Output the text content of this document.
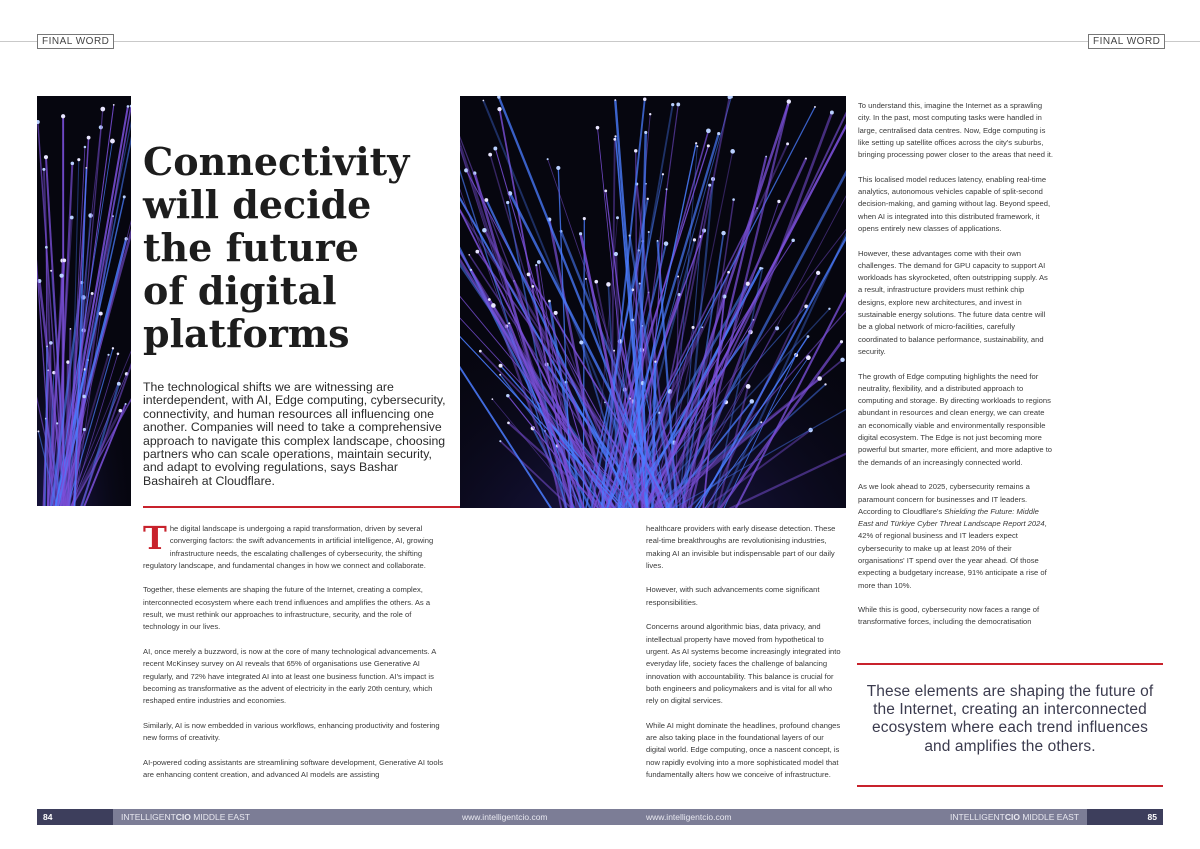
FINAL WORD	FINAL WORD
Connectivity
will decide
the future
of digital
platforms

The technological shifts we are witnessing are interdependent, with AI, Edge computing, cybersecurity, connectivity, and human resources all influencing one another. Companies will need to take a comprehensive approach to navigate this complex landscape, choosing partners who can scale operations, maintain security, and adapt to evolving regulations, says Bashar Bashaireh at Cloudflare.

The digital landscape is undergoing a rapid transformation, driven by several converging factors: the swift advancements in artificial intelligence, AI, growing infrastructure needs, the escalating challenges of cybersecurity, the shifting regulatory landscape, and fundamental changes in how we connect and collaborate.

Together, these elements are shaping the future of the Internet, creating a complex, interconnected ecosystem where each trend influences and amplifies the others. As a result, we must rethink our approaches to infrastructure, security, and the role of technology in our lives.

AI, once merely a buzzword, is now at the core of many technological advancements. A recent McKinsey survey on AI reveals that 65% of organisations use Generative AI regularly, and 72% have integrated AI into at least one business function. AI's impact is becoming as transformative as the advent of electricity in the early 20th century, which reshaped entire industries and economies.

Similarly, AI is now embedded in various workflows, enhancing productivity and fostering new forms of creativity.

AI-powered coding assistants are streamlining software development, Generative AI tools are enhancing content creation, and advanced AI models are assisting

healthcare providers with early disease detection. These real-time breakthroughs are revolutionising industries, making AI an invisible but indispensable part of our daily lives.

However, with such advancements come significant responsibilities.

Concerns around algorithmic bias, data privacy, and intellectual property have moved from hypothetical to urgent. As AI systems become increasingly integrated into everyday life, society faces the challenge of balancing innovation with accountability. This balance is crucial for both engineers and policymakers and is vital for all who rely on digital services.

While AI might dominate the headlines, profound changes are also taking place in the foundational layers of our digital world. Edge computing, once a nascent concept, is now rapidly evolving into a more sophisticated model that fundamentally alters how we conceive of infrastructure.

To understand this, imagine the Internet as a sprawling city. In the past, most computing tasks were handled in large, centralised data centres. Now, Edge computing is like setting up satellite offices across the city's suburbs, bringing processing power closer to the areas that need it.

This localised model reduces latency, enabling real-time analytics, autonomous vehicles capable of split-second decision-making, and gaming without lag. Beyond speed, when AI is integrated into this distributed framework, it opens entirely new classes of applications.

However, these advantages come with their own challenges. The demand for GPU capacity to support AI workloads has skyrocketed, often outstripping supply. As a result, infrastructure providers must rethink chip designs, explore new architectures, and invest in sustainable energy solutions. The future data centre will be a global network of micro-facilities, carefully coordinated to balance performance, sustainability, and security.

The growth of Edge computing highlights the need for neutrality, flexibility, and a distributed approach to computing and storage. By directing workloads to regions abundant in resources and clean energy, we can create an economically viable and environmentally responsible digital ecosystem. The Edge is not just becoming more powerful but smarter, more efficient, and more adaptive to the demands of an increasingly connected world.

As we look ahead to 2025, cybersecurity remains a paramount concern for businesses and IT leaders. According to Cloudflare's Shielding the Future: Middle East and Türkiye Cyber Threat Landscape Report 2024, 42% of regional business and IT leaders expect cybersecurity to make up at least 20% of their organisations' IT spend over the year ahead. Of those expecting a budgetary increase, 91% anticipate a rise of more than 10%.

While this is good, cybersecurity now faces a range of transformative forces, including the democratisation

These elements are shaping the future of the Internet, creating an interconnected ecosystem where each trend influences and amplifies the others.

84	INTELLIGENTCIO MIDDLE EAST	www.intelligentcio.com	www.intelligentcio.com	INTELLIGENTCIO MIDDLE EAST	85
